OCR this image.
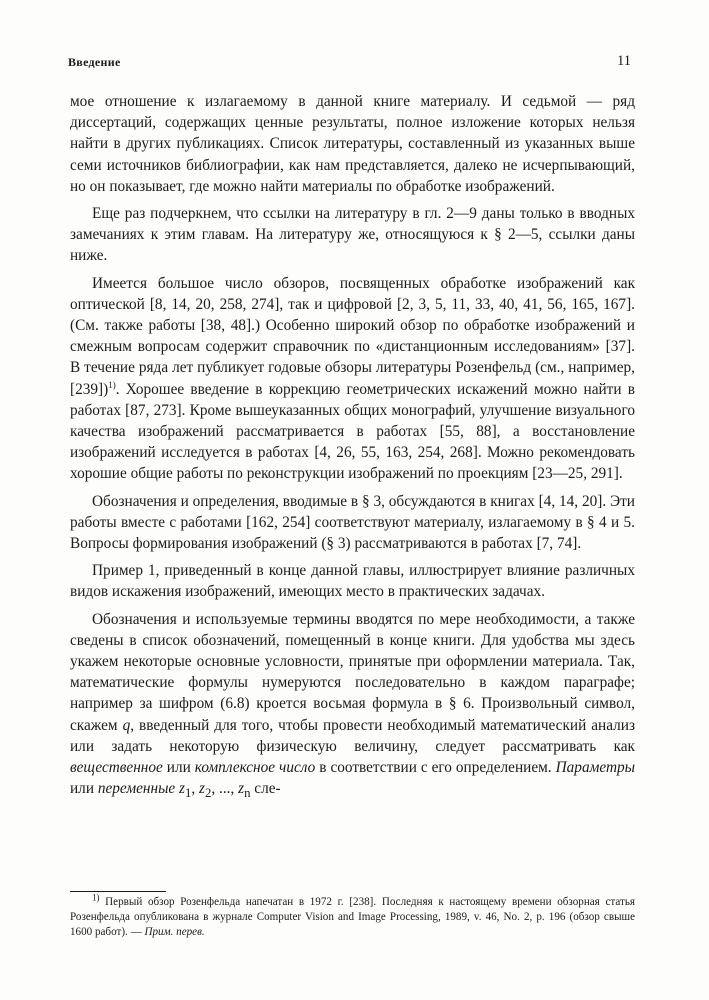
Введение	11

мое отношение к излагаемому в данной книге материалу. И седьмой — ряд диссертаций, содержащих ценные результаты, полное изложение которых нельзя найти в других публикациях. Список литературы, составленный из указанных выше семи источников библиографии, как нам представляется, далеко не исчерпывающий, но он показывает, где можно найти материалы по обработке изображений.

Еще раз подчеркнем, что ссылки на литературу в гл. 2—9 даны только в вводных замечаниях к этим главам. На литературу же, относящуюся к § 2—5, ссылки даны ниже.

Имеется большое число обзоров, посвященных обработке изображений как оптической [8, 14, 20, 258, 274], так и цифровой [2, 3, 5, 11, 33, 40, 41, 56, 165, 167]. (См. также работы [38, 48].) Особенно широкий обзор по обработке изображений и смежным вопросам содержит справочник по «дистанционным исследованиям» [37]. В течение ряда лет публикует годовые обзоры литературы Розенфельд (см., например, [239])$^{1)}$. Хорошее введение в коррекцию геометрических искажений можно найти в работах [87, 273]. Кроме вышеуказанных общих монографий, улучшение визуального качества изображений рассматривается в работах [55, 88], а восстановление изображений исследуется в работах [4, 26, 55, 163, 254, 268]. Можно рекомендовать хорошие общие работы по реконструкции изображений по проекциям [23—25, 291].

Обозначения и определения, вводимые в § 3, обсуждаются в книгах [4, 14, 20]. Эти работы вместе с работами [162, 254] соответствуют материалу, излагаемому в § 4 и 5. Вопросы формирования изображений (§ 3) рассматриваются в работах [7, 74].

Пример 1, приведенный в конце данной главы, иллюстрирует влияние различных видов искажения изображений, имеющих место в практических задачах.

Обозначения и используемые термины вводятся по мере необходимости, а также сведены в список обозначений, помещенный в конце книги. Для удобства мы здесь укажем некоторые основные условности, принятые при оформлении материала. Так, математические формулы нумеруются последовательно в каждом параграфе; например за шифром (6.8) кроется восьмая формула в § 6. Произвольный символ, скажем q, введенный для того, чтобы провести необходимый математический анализ или задать некоторую физическую величину, следует рассматривать как вещественное или комплексное число в соответствии с его определением. Параметры или переменные $z_1$, $z_2$, ..., $z_n$ сле-

$^{1)}$ Первый обзор Розенфельда напечатан в 1972 г. [238]. Последняя к настоящему времени обзорная статья Розенфельда опубликована в журнале Computer Vision and Image Processing, 1989, v. 46, No. 2, p. 196 (обзор свыше 1600 работ). — Прим. перев.
